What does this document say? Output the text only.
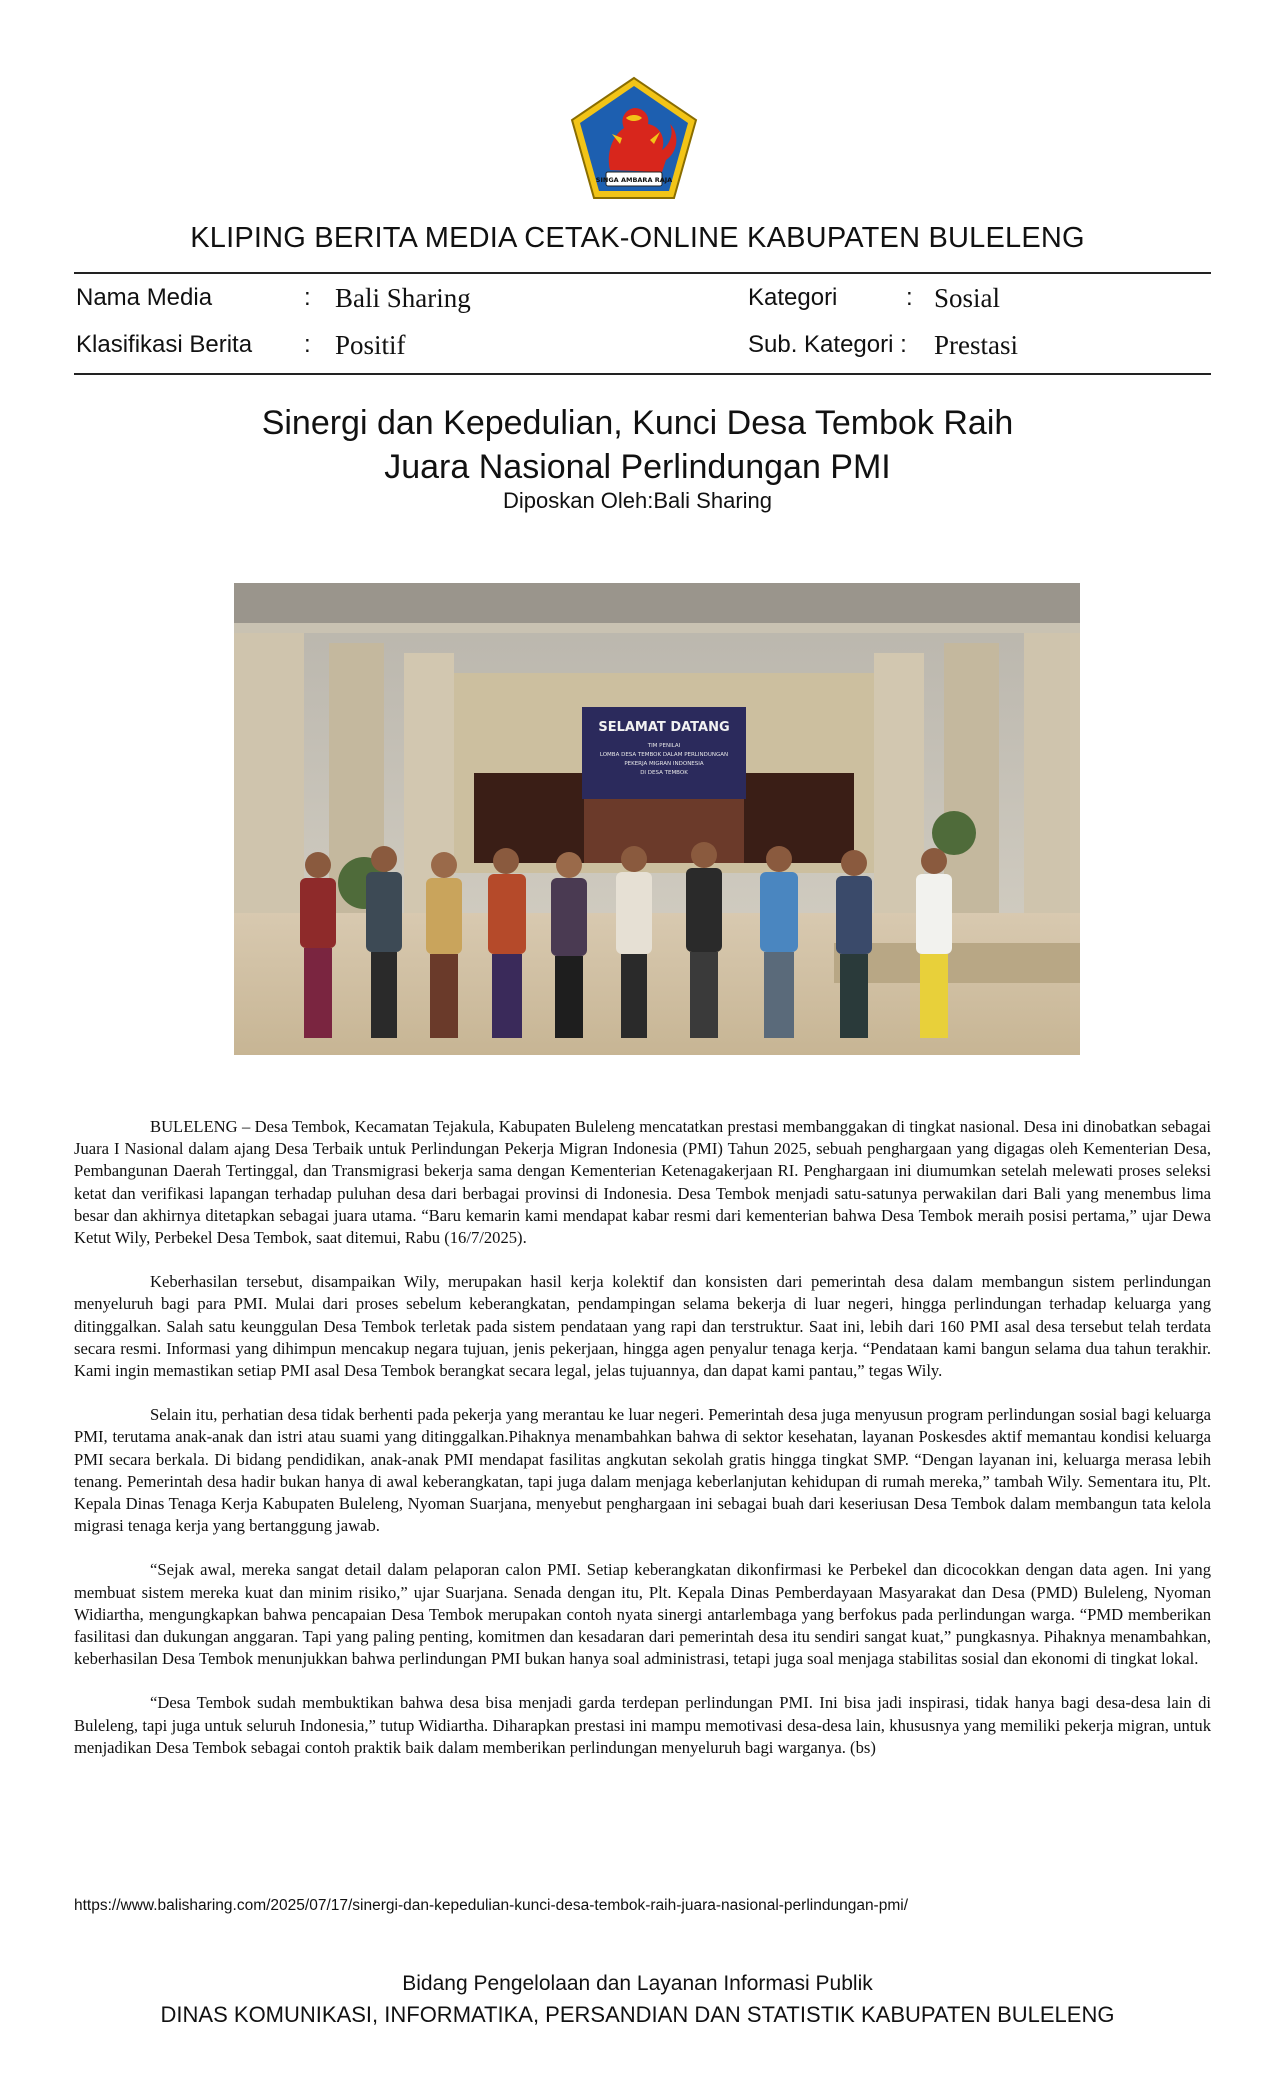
SINGA AMBARA RAJA
KLIPING BERITA MEDIA CETAK-ONLINE KABUPATEN BULELENG
Nama Media	: Bali Sharing
Klasifikasi Berita : Positif
Kategori	: Sosial
Sub. Kategori : Prestasi
Sinergi dan Kepedulian, Kunci Desa Tembok Raih
Juara Nasional Perlindungan PMI
Diposkan Oleh:Bali Sharing
SELAMAT DATANG
TIM PENILAI
LOMBA DESA TEMBOK DALAM PERLINDUNGAN
PEKERJA MIGRAN INDONESIA
DI DESA TEMBOK

BULELENG – Desa Tembok, Kecamatan Tejakula, Kabupaten Buleleng mencatatkan prestasi membanggakan di tingkat nasional. Desa ini dinobatkan sebagai Juara I Nasional dalam ajang Desa Terbaik untuk Perlindungan Pekerja Migran Indonesia (PMI) Tahun 2025, sebuah penghargaan yang digagas oleh Kementerian Desa, Pembangunan Daerah Tertinggal, dan Transmigrasi bekerja sama dengan Kementerian Ketenagakerjaan RI. Penghargaan ini diumumkan setelah melewati proses seleksi ketat dan verifikasi lapangan terhadap puluhan desa dari berbagai provinsi di Indonesia. Desa Tembok menjadi satu-satunya perwakilan dari Bali yang menembus lima besar dan akhirnya ditetapkan sebagai juara utama. “Baru kemarin kami mendapat kabar resmi dari kementerian bahwa Desa Tembok meraih posisi pertama,” ujar Dewa Ketut Wily, Perbekel Desa Tembok, saat ditemui, Rabu (16/7/2025).

Keberhasilan tersebut, disampaikan Wily, merupakan hasil kerja kolektif dan konsisten dari pemerintah desa dalam membangun sistem perlindungan menyeluruh bagi para PMI. Mulai dari proses sebelum keberangkatan, pendampingan selama bekerja di luar negeri, hingga perlindungan terhadap keluarga yang ditinggalkan. Salah satu keunggulan Desa Tembok terletak pada sistem pendataan yang rapi dan terstruktur. Saat ini, lebih dari 160 PMI asal desa tersebut telah terdata secara resmi. Informasi yang dihimpun mencakup negara tujuan, jenis pekerjaan, hingga agen penyalur tenaga kerja. “Pendataan kami bangun selama dua tahun terakhir. Kami ingin memastikan setiap PMI asal Desa Tembok berangkat secara legal, jelas tujuannya, dan dapat kami pantau,” tegas Wily.

Selain itu, perhatian desa tidak berhenti pada pekerja yang merantau ke luar negeri. Pemerintah desa juga menyusun program perlindungan sosial bagi keluarga PMI, terutama anak-anak dan istri atau suami yang ditinggalkan.Pihaknya menambahkan bahwa di sektor kesehatan, layanan Poskesdes aktif memantau kondisi keluarga PMI secara berkala. Di bidang pendidikan, anak-anak PMI mendapat fasilitas angkutan sekolah gratis hingga tingkat SMP. “Dengan layanan ini, keluarga merasa lebih tenang. Pemerintah desa hadir bukan hanya di awal keberangkatan, tapi juga dalam menjaga keberlanjutan kehidupan di rumah mereka,” tambah Wily. Sementara itu, Plt. Kepala Dinas Tenaga Kerja Kabupaten Buleleng, Nyoman Suarjana, menyebut penghargaan ini sebagai buah dari keseriusan Desa Tembok dalam membangun tata kelola migrasi tenaga kerja yang bertanggung jawab.

“Sejak awal, mereka sangat detail dalam pelaporan calon PMI. Setiap keberangkatan dikonfirmasi ke Perbekel dan dicocokkan dengan data agen. Ini yang membuat sistem mereka kuat dan minim risiko,” ujar Suarjana. Senada dengan itu, Plt. Kepala Dinas Pemberdayaan Masyarakat dan Desa (PMD) Buleleng, Nyoman Widiartha, mengungkapkan bahwa pencapaian Desa Tembok merupakan contoh nyata sinergi antarlembaga yang berfokus pada perlindungan warga. “PMD memberikan fasilitasi dan dukungan anggaran. Tapi yang paling penting, komitmen dan kesadaran dari pemerintah desa itu sendiri sangat kuat,” pungkasnya. Pihaknya menambahkan, keberhasilan Desa Tembok menunjukkan bahwa perlindungan PMI bukan hanya soal administrasi, tetapi juga soal menjaga stabilitas sosial dan ekonomi di tingkat lokal.

“Desa Tembok sudah membuktikan bahwa desa bisa menjadi garda terdepan perlindungan PMI. Ini bisa jadi inspirasi, tidak hanya bagi desa-desa lain di Buleleng, tapi juga untuk seluruh Indonesia,” tutup Widiartha. Diharapkan prestasi ini mampu memotivasi desa-desa lain, khususnya yang memiliki pekerja migran, untuk menjadikan Desa Tembok sebagai contoh praktik baik dalam memberikan perlindungan menyeluruh bagi warganya. (bs)

https://www.balisharing.com/2025/07/17/sinergi-dan-kepedulian-kunci-desa-tembok-raih-juara-nasional-perlindungan-pmi/
Bidang Pengelolaan dan Layanan Informasi Publik
DINAS KOMUNIKASI, INFORMATIKA, PERSANDIAN DAN STATISTIK KABUPATEN BULELENG
